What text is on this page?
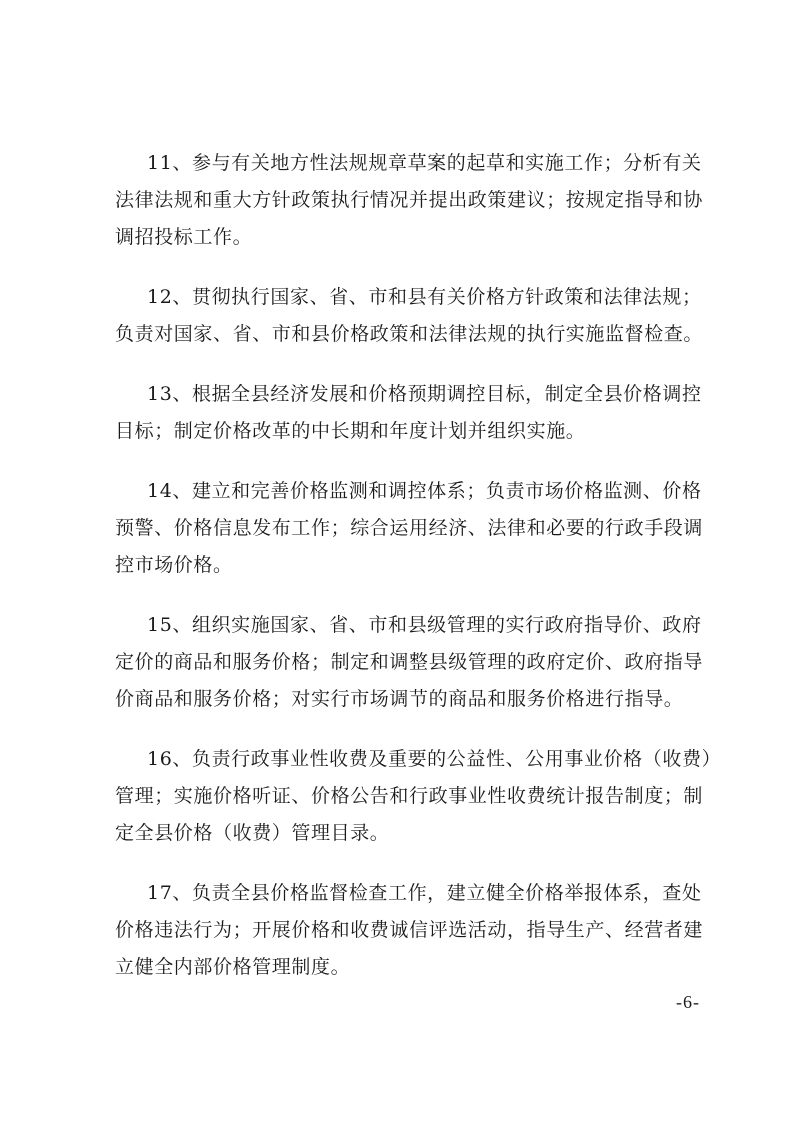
11、参与有关地方性法规规章草案的起草和实施工作；分析有关
法律法规和重大方针政策执行情况并提出政策建议；按规定指导和协
调招投标工作。

12、贯彻执行国家、省、市和县有关价格方针政策和法律法规；
负责对国家、省、市和县价格政策和法律法规的执行实施监督检查。

13、根据全县经济发展和价格预期调控目标，制定全县价格调控
目标；制定价格改革的中长期和年度计划并组织实施。

14、建立和完善价格监测和调控体系；负责市场价格监测、价格
预警、价格信息发布工作；综合运用经济、法律和必要的行政手段调
控市场价格。

15、组织实施国家、省、市和县级管理的实行政府指导价、政府
定价的商品和服务价格；制定和调整县级管理的政府定价、政府指导
价商品和服务价格；对实行市场调节的商品和服务价格进行指导。

16、负责行政事业性收费及重要的公益性、公用事业价格（收费）
管理；实施价格听证、价格公告和行政事业性收费统计报告制度；制
定全县价格（收费）管理目录。

17、负责全县价格监督检查工作，建立健全价格举报体系，查处
价格违法行为；开展价格和收费诚信评选活动，指导生产、经营者建
立健全内部价格管理制度。

-6-
